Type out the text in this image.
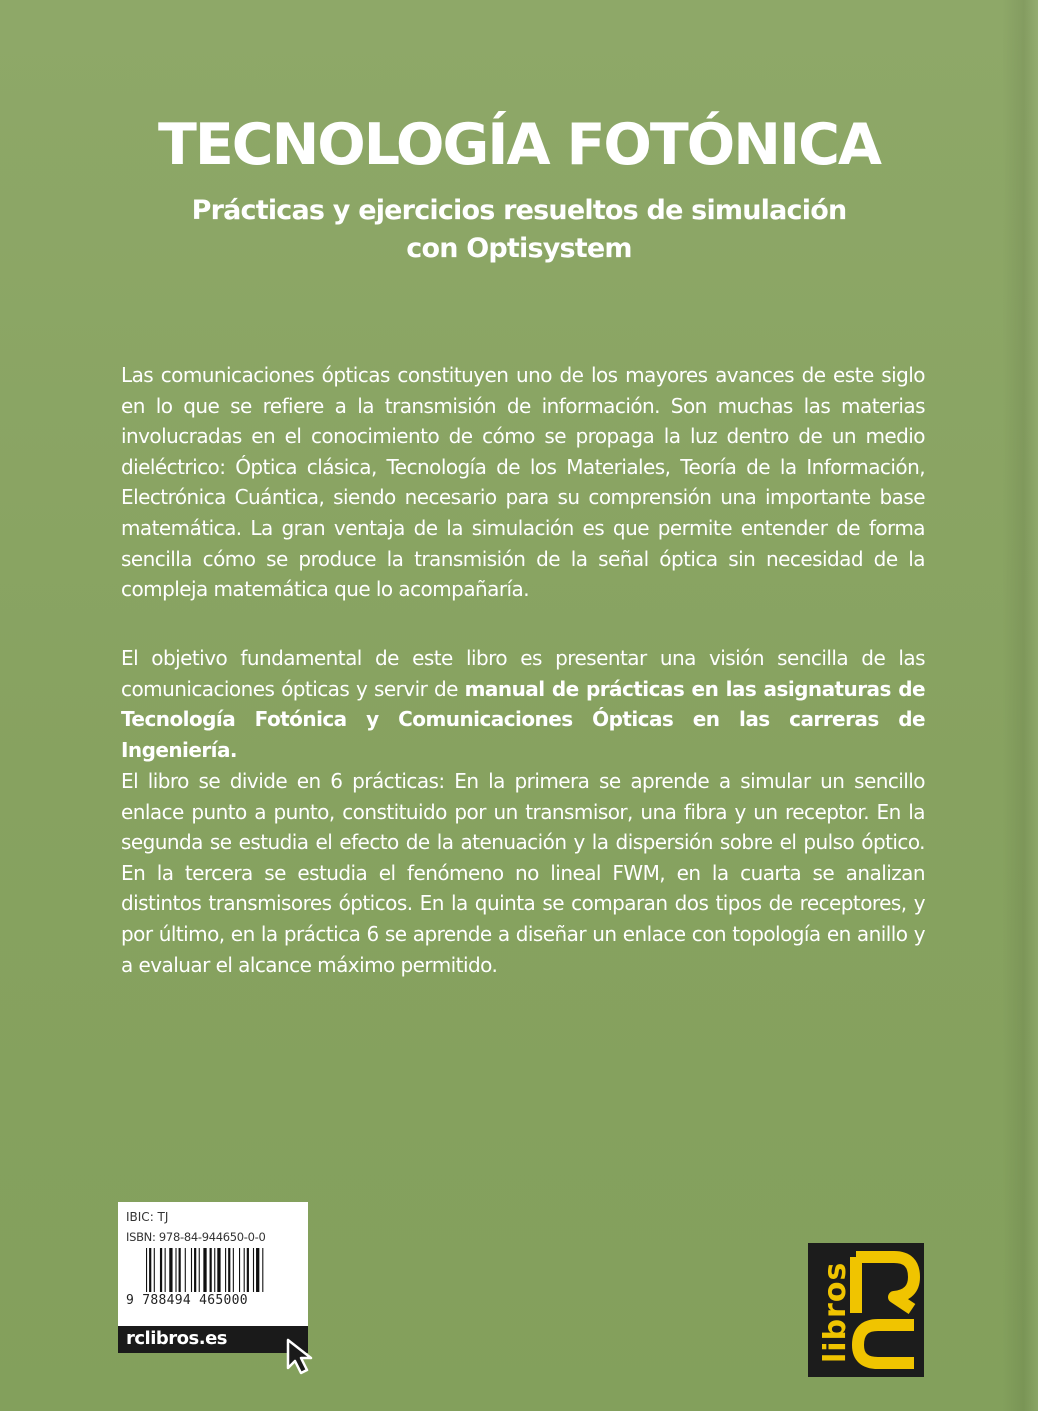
TECNOLOGÍA FOTÓNICA
Prácticas y ejercicios resueltos de simulación
con Optisystem
Las comunicaciones ópticas constituyen uno de los mayores avances de este siglo en lo que se refiere a la transmisión de información. Son muchas las materias involucradas en el conocimiento de cómo se propaga la luz dentro de un medio dieléctrico: Óptica clásica, Tecnología de los Materiales, Teoría de la Información, Electrónica Cuántica, siendo necesario para su comprensión una importante base matemática. La gran ventaja de la simulación es que permite entender de forma sencilla cómo se produce la transmisión de la señal óptica sin necesidad de la compleja matemática que lo acompañaría.
El objetivo fundamental de este libro es presentar una visión sencilla de las comunicaciones ópticas y servir de manual de prácticas en las asignaturas de Tecnología Fotónica y Comunicaciones Ópticas en las carreras de Ingeniería.
El libro se divide en 6 prácticas: En la primera se aprende a simular un sencillo enlace punto a punto, constituido por un transmisor, una fibra y un receptor. En la segunda se estudia el efecto de la atenuación y la dispersión sobre el pulso óptico. En la tercera se estudia el fenómeno no lineal FWM, en la cuarta se analizan distintos transmisores ópticos. En la quinta se comparan dos tipos de receptores, y por último, en la práctica 6 se aprende a diseñar un enlace con topología en anillo y a evaluar el alcance máximo permitido.
IBIC: TJ
ISBN: 978-84-944650-0-0
9 788494 465000
rclibros.es	libros
